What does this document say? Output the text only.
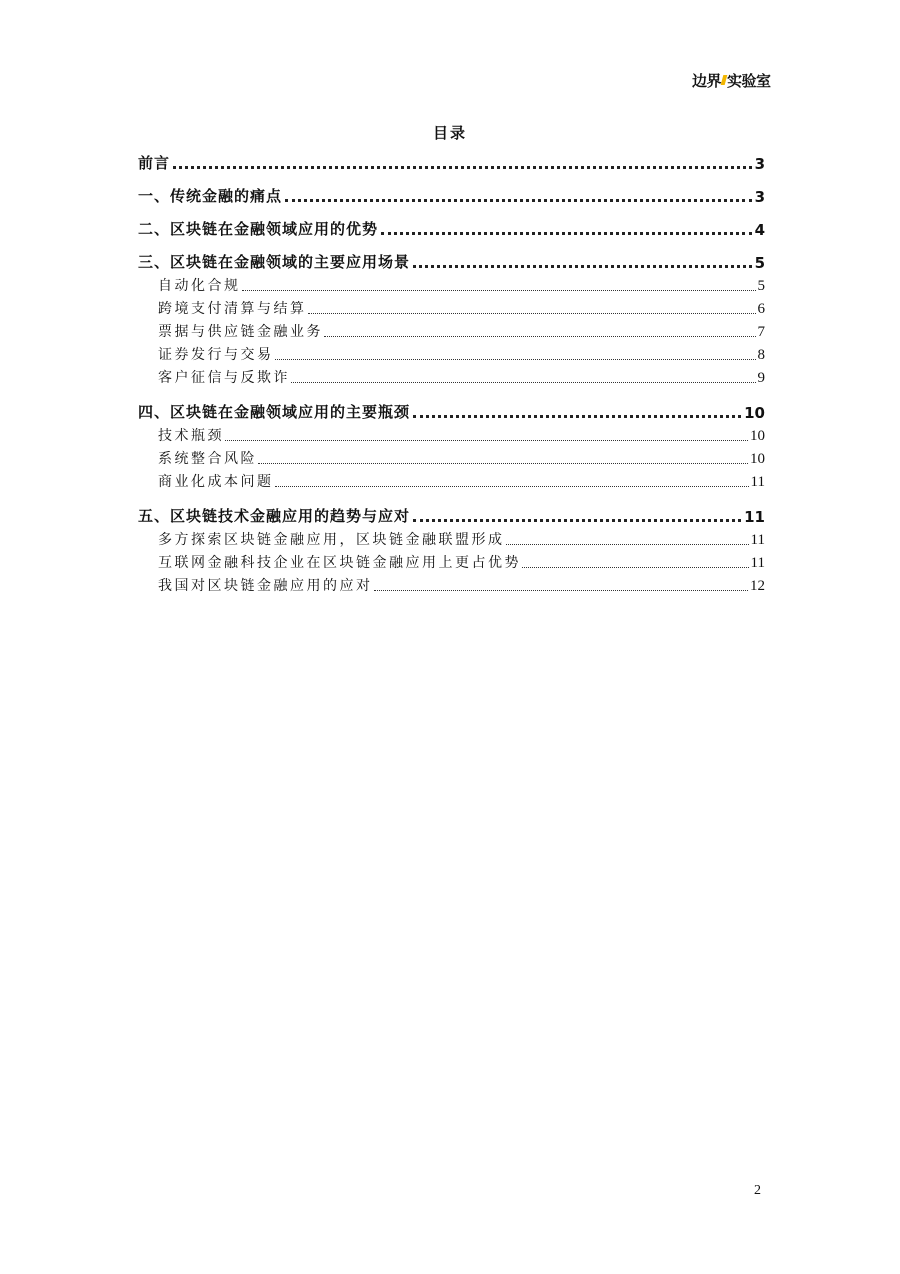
边界 实验室
目录
前言	3
一、传统金融的痛点	3
二、区块链在金融领域应用的优势	4
三、区块链在金融领域的主要应用场景	5
自动化合规	5
跨境支付清算与结算	6
票据与供应链金融业务	7
证券发行与交易	8
客户征信与反欺诈	9
四、区块链在金融领域应用的主要瓶颈	10
技术瓶颈	10
系统整合风险	10
商业化成本问题	11
五、区块链技术金融应用的趋势与应对	11
多方探索区块链金融应用，区块链金融联盟形成	11
互联网金融科技企业在区块链金融应用上更占优势	11
我国对区块链金融应用的应对	12
2
